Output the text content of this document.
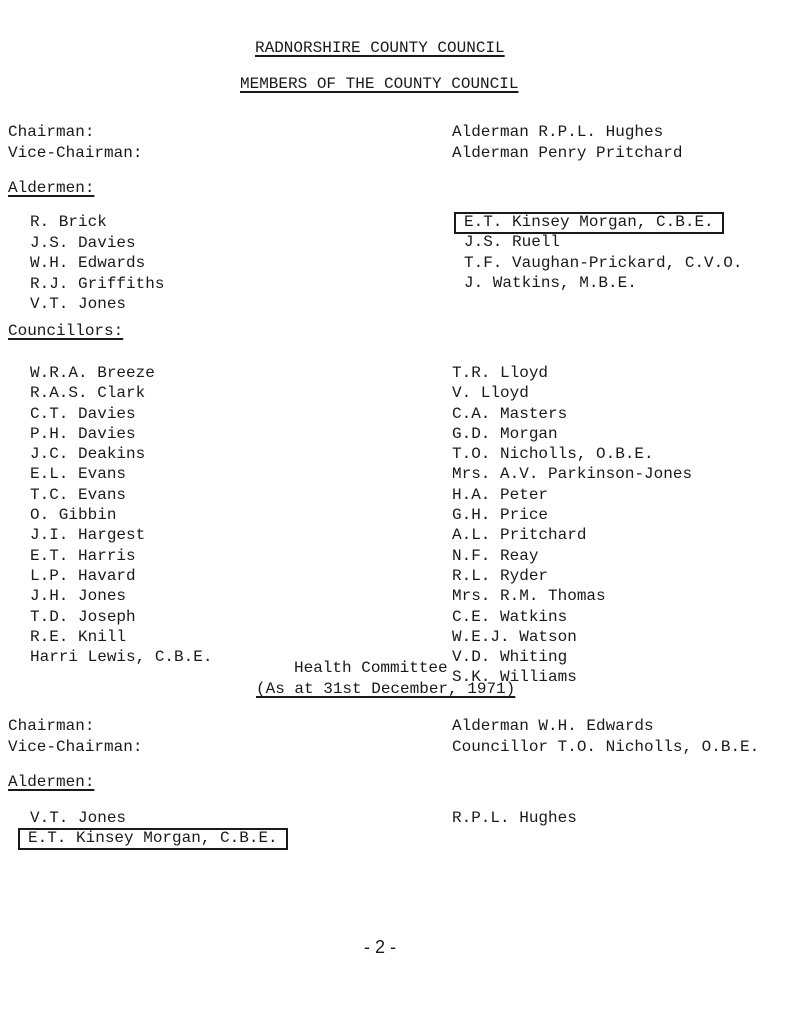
RADNORSHIRE COUNTY COUNCIL
MEMBERS OF THE COUNTY COUNCIL
Chairman:	Alderman R.P.L. Hughes
Vice-Chairman:	Alderman Penry Pritchard
Aldermen:
R. Brick
J.S. Davies
W.H. Edwards
R.J. Griffiths
V.T. Jones
E.T. Kinsey Morgan, C.B.E.
J.S. Ruell
T.F. Vaughan-Prickard, C.V.O.
J. Watkins, M.B.E.
Councillors:
W.R.A. Breeze
R.A.S. Clark
C.T. Davies
P.H. Davies
J.C. Deakins
E.L. Evans
T.C. Evans
O. Gibbin
J.I. Hargest
E.T. Harris
L.P. Havard
J.H. Jones
T.D. Joseph
R.E. Knill
Harri Lewis, C.B.E.
T.R. Lloyd
V. Lloyd
C.A. Masters
G.D. Morgan
T.O. Nicholls, O.B.E.
Mrs. A.V. Parkinson-Jones
H.A. Peter
G.H. Price
A.L. Pritchard
N.F. Reay
R.L. Ryder
Mrs. R.M. Thomas
C.E. Watkins
W.E.J. Watson
V.D. Whiting
S.K. Williams
Health Committee
(As at 31st December, 1971)
Chairman:	Alderman W.H. Edwards
Vice-Chairman:	Councillor T.O. Nicholls, O.B.E.
Aldermen:
V.T. Jones
E.T. Kinsey Morgan, C.B.E.
R.P.L. Hughes
- 2 -
